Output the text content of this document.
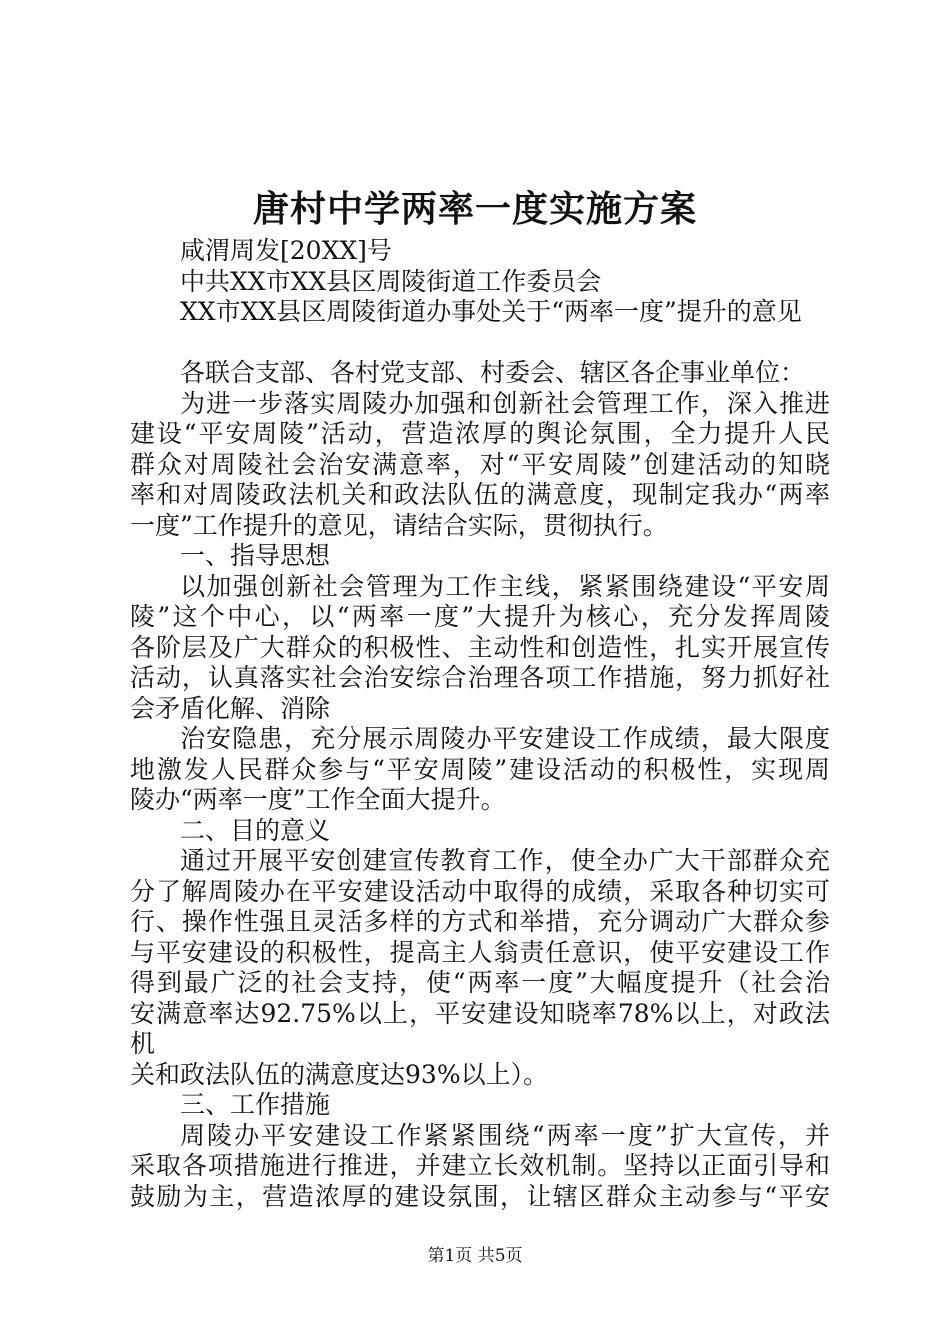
唐村中学两率一度实施方案
咸渭周发[20XX]号
中共XX市XX县区周陵街道工作委员会
XX市XX县区周陵街道办事处关于“两率一度”提升的意见
各联合支部、各村党支部、村委会、辖区各企事业单位：
为进一步落实周陵办加强和创新社会管理工作，深入推进
建设“平安周陵”活动，营造浓厚的舆论氛围，全力提升人民
群众对周陵社会治安满意率，对“平安周陵”创建活动的知晓
率和对周陵政法机关和政法队伍的满意度，现制定我办“两率
一度”工作提升的意见，请结合实际，贯彻执行。
一、指导思想
以加强创新社会管理为工作主线，紧紧围绕建设“平安周
陵”这个中心，以“两率一度”大提升为核心，充分发挥周陵
各阶层及广大群众的积极性、主动性和创造性，扎实开展宣传
活动，认真落实社会治安综合治理各项工作措施，努力抓好社
会矛盾化解、消除
治安隐患，充分展示周陵办平安建设工作成绩，最大限度
地激发人民群众参与“平安周陵”建设活动的积极性，实现周
陵办“两率一度”工作全面大提升。
二、目的意义
通过开展平安创建宣传教育工作，使全办广大干部群众充
分了解周陵办在平安建设活动中取得的成绩，采取各种切实可
行、操作性强且灵活多样的方式和举措，充分调动广大群众参
与平安建设的积极性，提高主人翁责任意识，使平安建设工作
得到最广泛的社会支持，使“两率一度”大幅度提升（社会治
安满意率达92.75%以上，平安建设知晓率78%以上，对政法机
关和政法队伍的满意度达93%以上）。
三、工作措施
周陵办平安建设工作紧紧围绕“两率一度”扩大宣传，并
采取各项措施进行推进，并建立长效机制。坚持以正面引导和
鼓励为主，营造浓厚的建设氛围，让辖区群众主动参与“平安
第1页 共5页
